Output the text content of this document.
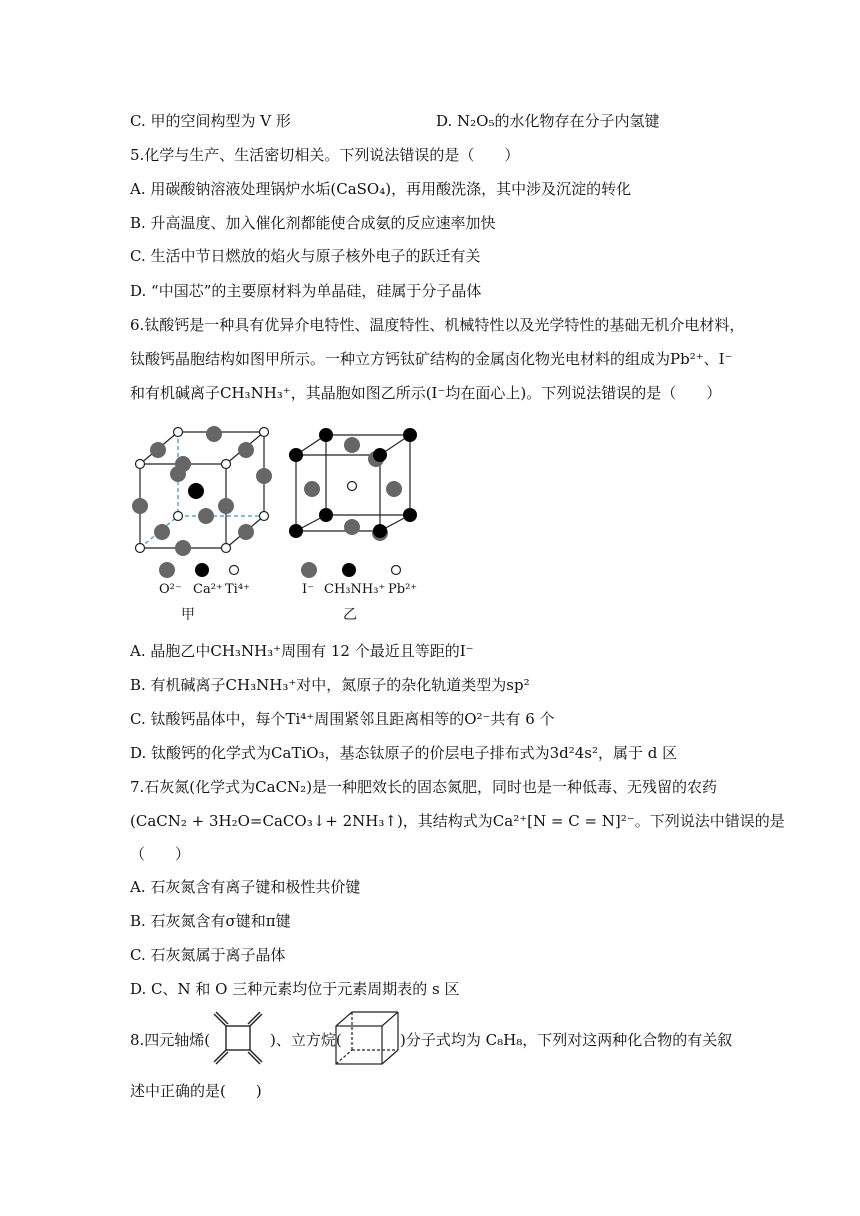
C. 甲的空间构型为 V 形	D. N₂O₅的水化物存在分子内氢键
5.化学与生产、生活密切相关。下列说法错误的是（　　）
A. 用碳酸钠溶液处理锅炉水垢(CaSO₄)，再用酸洗涤，其中涉及沉淀的转化
B. 升高温度、加入催化剂都能使合成氨的反应速率加快
C. 生活中节日燃放的焰火与原子核外电子的跃迁有关
D. “中国芯”的主要原材料为单晶硅，硅属于分子晶体
6.钛酸钙是一种具有优异介电特性、温度特性、机械特性以及光学特性的基础无机介电材料，
钛酸钙晶胞结构如图甲所示。一种立方钙钛矿结构的金属卤化物光电材料的组成为Pb²⁺、I⁻
和有机碱离子CH₃NH₃⁺，其晶胞如图乙所示(I⁻均在面心上)。下列说法错误的是（　　）
O²⁻ Ca²⁺ Ti⁴⁺
甲
I⁻ CH₃NH₃⁺ Pb²⁺
乙
A. 晶胞乙中CH₃NH₃⁺周围有 12 个最近且等距的I⁻
B. 有机碱离子CH₃NH₃⁺对中，氮原子的杂化轨道类型为sp²
C. 钛酸钙晶体中，每个Ti⁴⁺周围紧邻且距离相等的O²⁻共有 6 个
D. 钛酸钙的化学式为CaTiO₃，基态钛原子的价层电子排布式为3d²4s²，属于 d 区
7.石灰氮(化学式为CaCN₂)是一种肥效长的固态氮肥，同时也是一种低毒、无残留的农药
(CaCN₂ + 3H₂O=CaCO₃↓+ 2NH₃↑)，其结构式为Ca²⁺[N = C = N]²⁻。下列说法中错误的是
（　　）
A. 石灰氮含有离子键和极性共价键
B. 石灰氮含有σ键和π键
C. 石灰氮属于离子晶体
D. C、N 和 O 三种元素均位于元素周期表的 s 区
8.四元轴烯(	)、立方烷(	)分子式均为 C₈H₈，下列对这两种化合物的有关叙
述中正确的是(　　)
